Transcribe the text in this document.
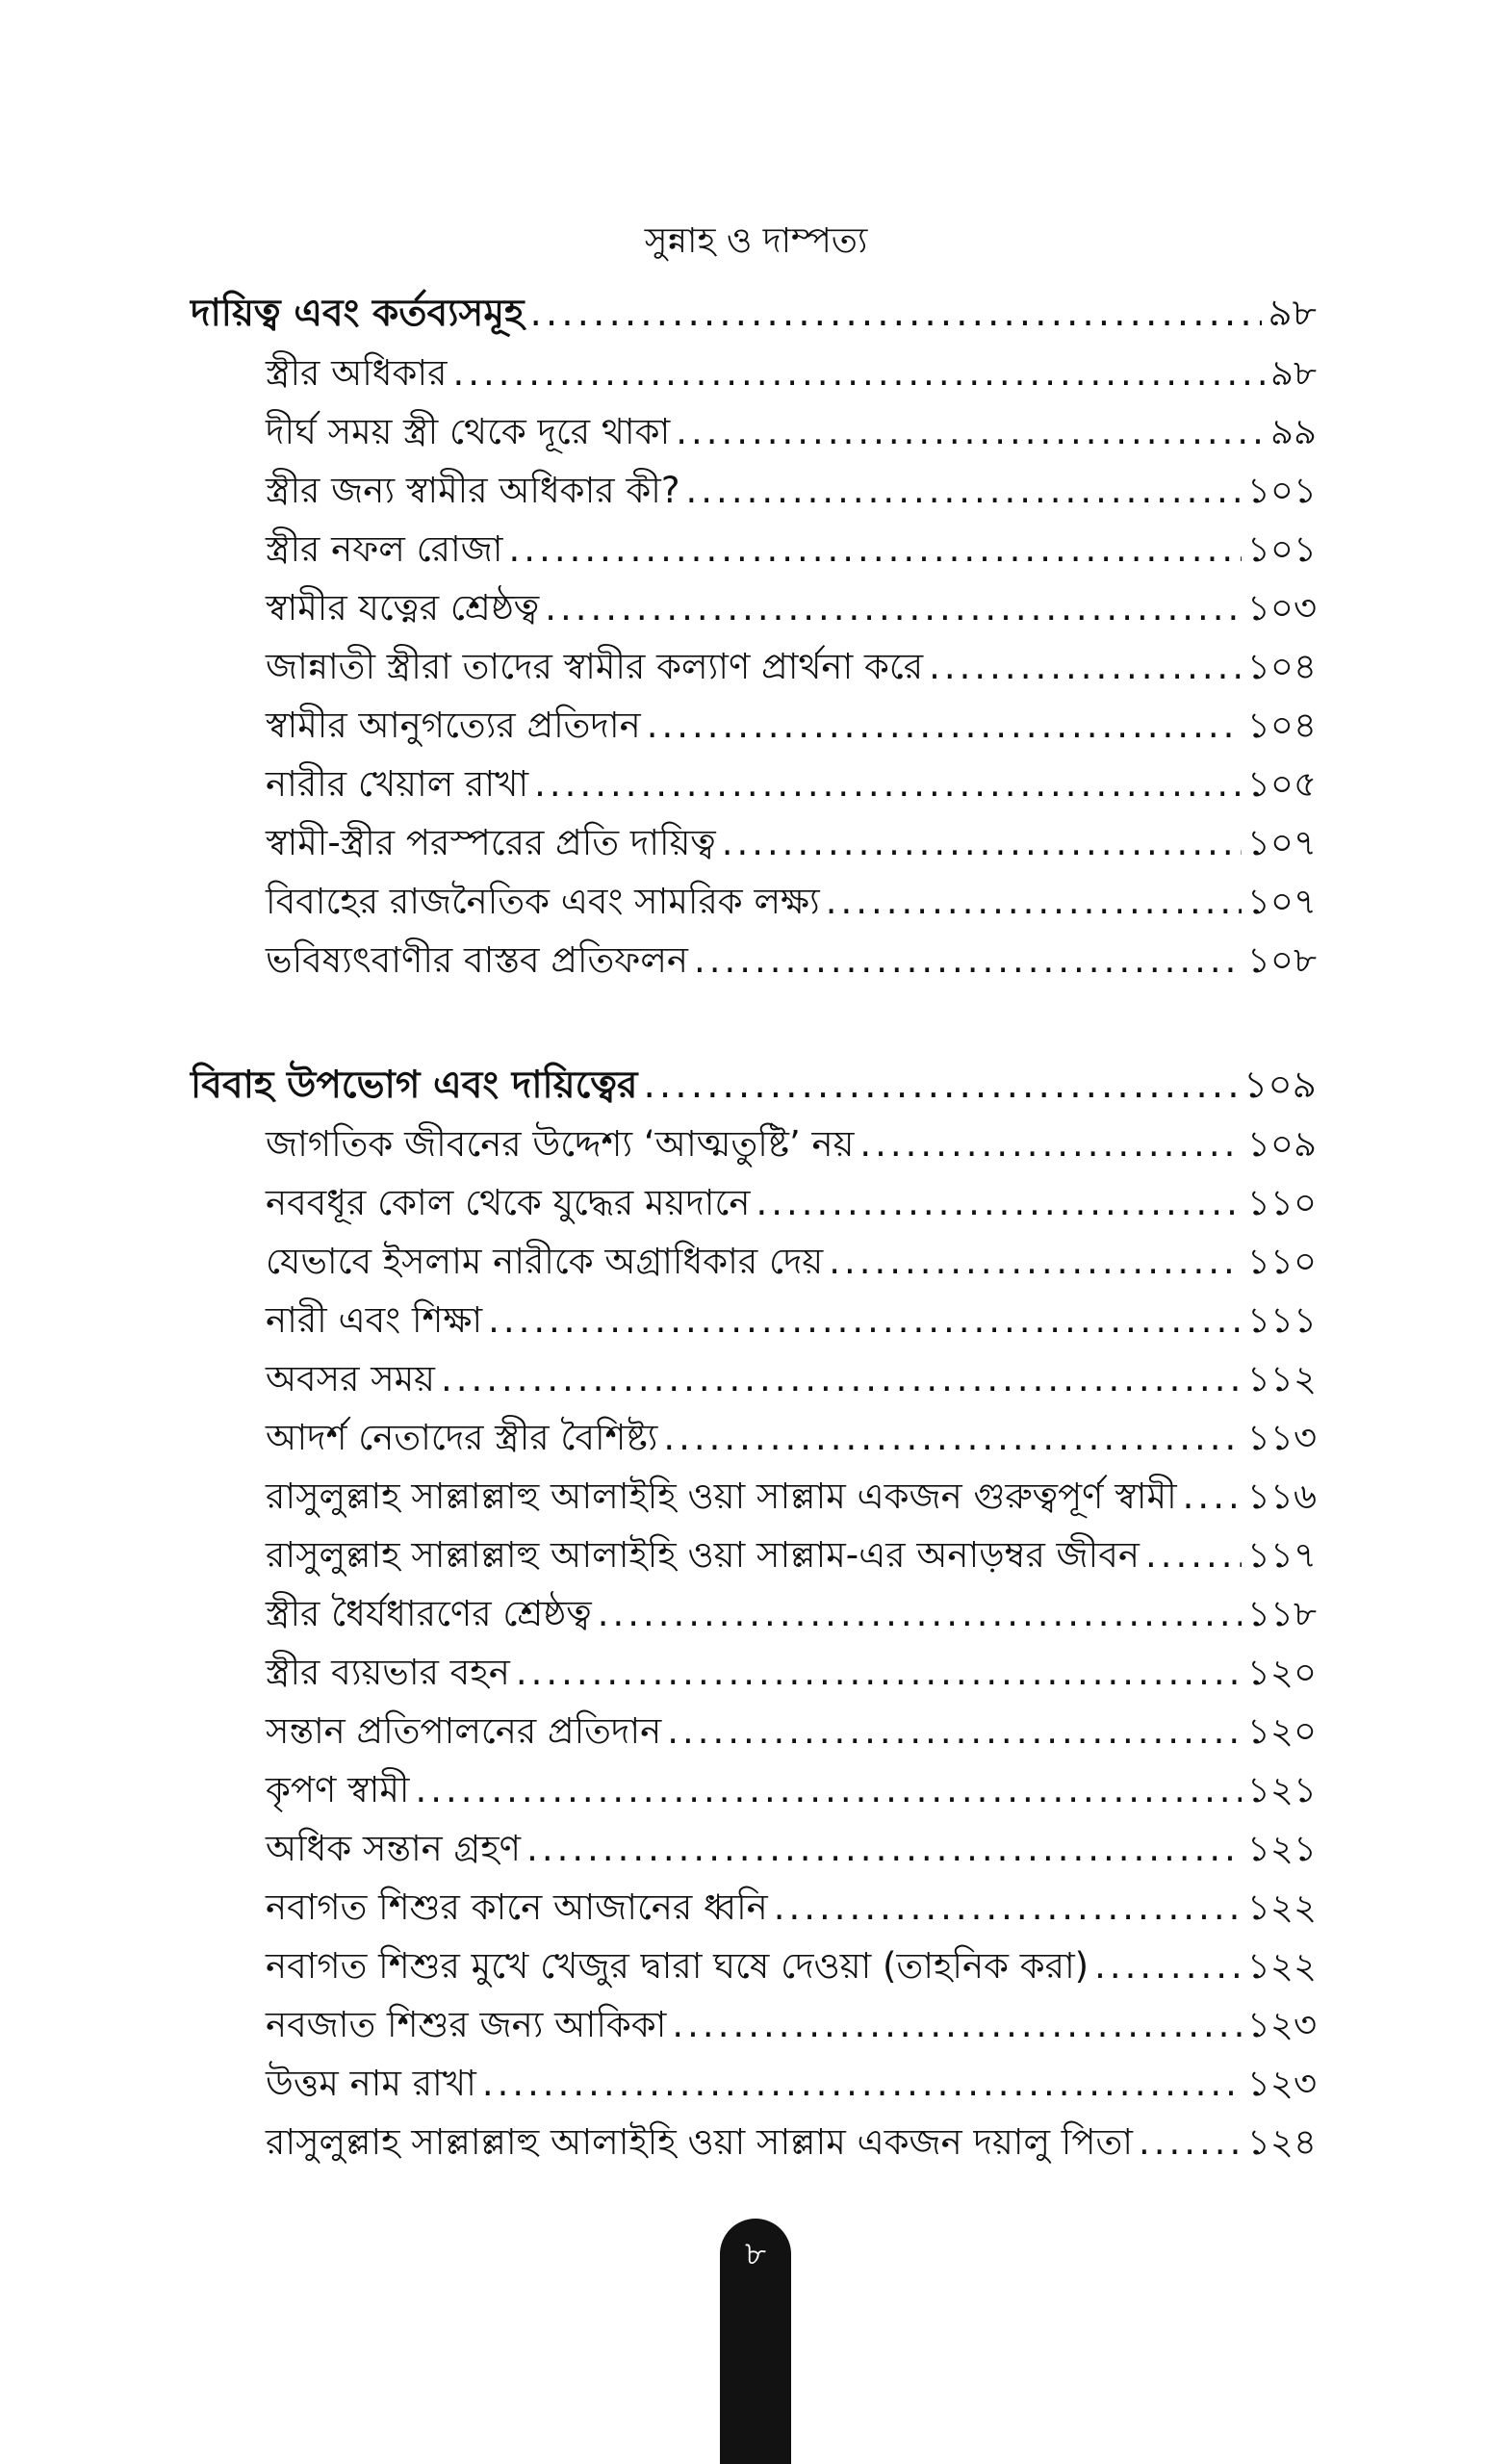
সুন্নাহ ও দাম্পত্য
দায়িত্ব এবং কর্তব্যসমূহ .....	৯৮
স্ত্রীর অধিকার .....	৯৮
দীর্ঘ সময় স্ত্রী থেকে দূরে থাকা .....	৯৯
স্ত্রীর জন্য স্বামীর অধিকার কী? .....	১০১
স্ত্রীর নফল রোজা .....	১০১
স্বামীর যত্নের শ্রেষ্ঠত্ব .....	১০৩
জান্নাতী স্ত্রীরা তাদের স্বামীর কল্যাণ প্রার্থনা করে .....	১০৪
স্বামীর আনুগত্যের প্রতিদান .....	১০৪
নারীর খেয়াল রাখা .....	১০৫
স্বামী-স্ত্রীর পরস্পরের প্রতি দায়িত্ব .....	১০৭
বিবাহের রাজনৈতিক এবং সামরিক লক্ষ্য .....	১০৭
ভবিষ্যৎবাণীর বাস্তব প্রতিফলন .....	১০৮
বিবাহ উপভোগ এবং দায়িত্বের .....	১০৯
জাগতিক জীবনের উদ্দেশ্য ‘আত্মতুষ্টি’ নয় .....	১০৯
নববধূর কোল থেকে যুদ্ধের ময়দানে .....	১১০
যেভাবে ইসলাম নারীকে অগ্রাধিকার দেয় .....	১১০
নারী এবং শিক্ষা .....	১১১
অবসর সময় .....	১১২
আদর্শ নেতাদের স্ত্রীর বৈশিষ্ট্য .....	১১৩
রাসুলুল্লাহ সাল্লাল্লাহু আলাইহি ওয়া সাল্লাম একজন গুরুত্বপূর্ণ স্বামী ..... ১১৬
রাসুলুল্লাহ সাল্লাল্লাহু আলাইহি ওয়া সাল্লাম-এর অনাড়ম্বর জীবন .....	১১৭
স্ত্রীর ধৈর্যধারণের শ্রেষ্ঠত্ব .....	১১৮
স্ত্রীর ব্যয়ভার বহন .....	১২০
সন্তান প্রতিপালনের প্রতিদান .....	১২০
কৃপণ স্বামী .....	১২১
অধিক সন্তান গ্রহণ .....	১২১
নবাগত শিশুর কানে আজানের ধ্বনি .....	১২২
নবাগত শিশুর মুখে খেজুর দ্বারা ঘষে দেওয়া (তাহনিক করা) .....	১২২
নবজাত শিশুর জন্য আকিকা .....	১২৩
উত্তম নাম রাখা .....	১২৩
রাসুলুল্লাহ সাল্লাল্লাহু আলাইহি ওয়া সাল্লাম একজন দয়ালু পিতা .....	১২৪
৮
